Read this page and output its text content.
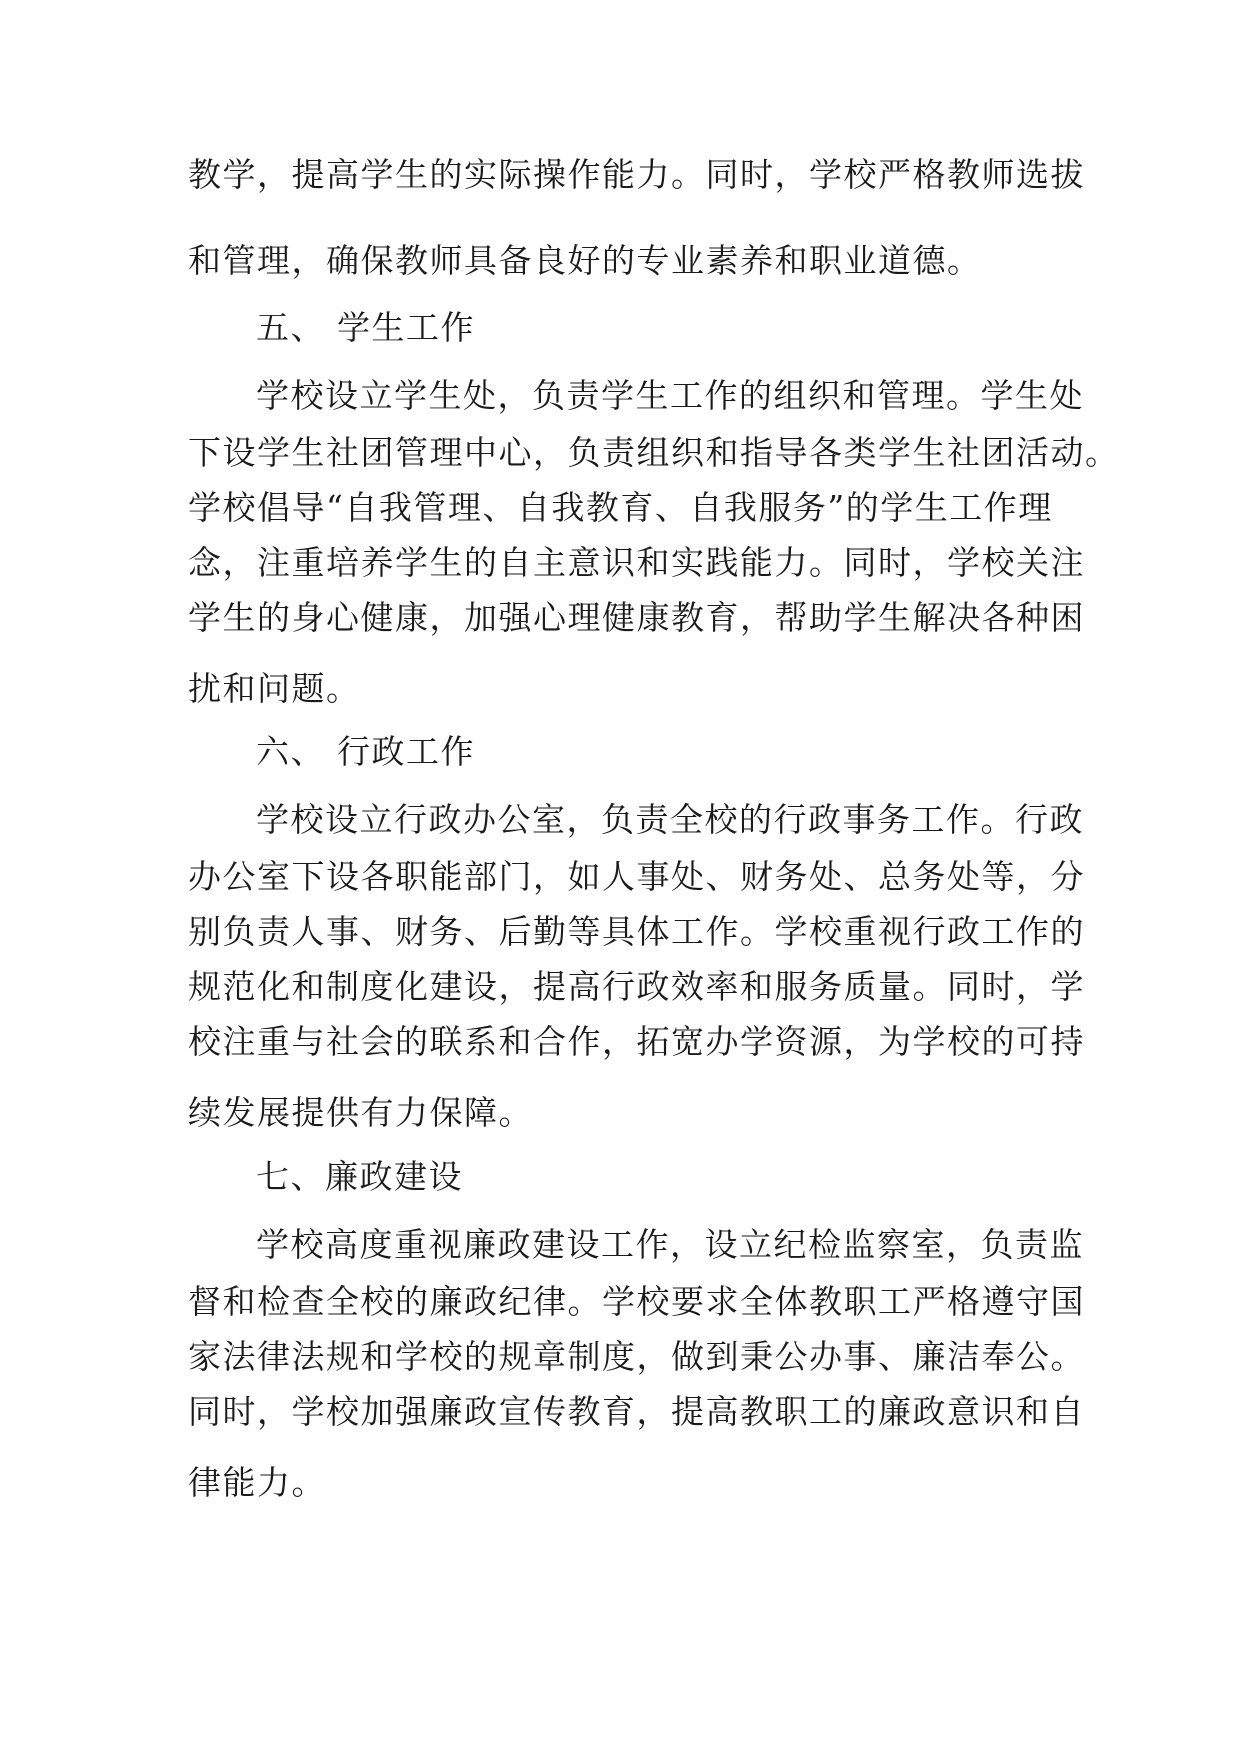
教学，提高学生的实际操作能力。同时，学校严格教师选拔
和管理，确保教师具备良好的专业素养和职业道德。
五、 学生工作
学校设立学生处，负责学生工作的组织和管理。学生处
下设学生社团管理中心，负责组织和指导各类学生社团活动。
学校倡导“自我管理、自我教育、自我服务”的学生工作理
念，注重培养学生的自主意识和实践能力。同时，学校关注
学生的身心健康，加强心理健康教育，帮助学生解决各种困
扰和问题。
六、 行政工作
学校设立行政办公室，负责全校的行政事务工作。行政
办公室下设各职能部门，如人事处、财务处、总务处等，分
别负责人事、财务、后勤等具体工作。学校重视行政工作的
规范化和制度化建设，提高行政效率和服务质量。同时，学
校注重与社会的联系和合作，拓宽办学资源，为学校的可持
续发展提供有力保障。
七、廉政建设
学校高度重视廉政建设工作，设立纪检监察室，负责监
督和检查全校的廉政纪律。学校要求全体教职工严格遵守国
家法律法规和学校的规章制度，做到秉公办事、廉洁奉公。
同时，学校加强廉政宣传教育，提高教职工的廉政意识和自
律能力。
